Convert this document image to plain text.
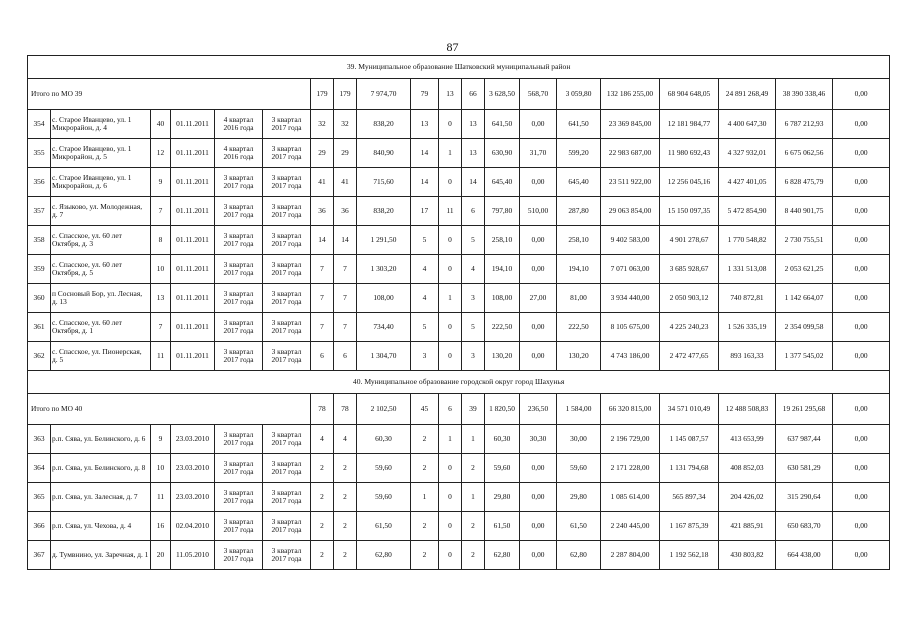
87
39. Муниципальное образование Шатковский муниципальный район																			
Итого по МО 39						179	179	7 974,70	79	13	66	3 628,50	568,70	3 059,80	132 186 255,00	68 904 648,05	24 891 268,49	38 390 338,46	0,00
354	с. Старое Иванцево, ул. 1 Микрорайон, д. 4	40	01.11.2011	4 квартал 2016 года	3 квартал 2017 года	32	32	838,20	13	0	13	641,50	0,00	641,50	23 369 845,00	12 181 984,77	4 400 647,30	6 787 212,93	0,00
355	с. Старое Иванцево, ул. 1 Микрорайон, д. 5	12	01.11.2011	4 квартал 2016 года	3 квартал 2017 года	29	29	840,90	14	1	13	630,90	31,70	599,20	22 983 687,00	11 980 692,43	4 327 932,01	6 675 062,56	0,00
356	с. Старое Иванцево, ул. 1 Микрорайон, д. 6	9	01.11.2011	3 квартал 2017 года	3 квартал 2017 года	41	41	715,60	14	0	14	645,40	0,00	645,40	23 511 922,00	12 256 045,16	4 427 401,05	6 828 475,79	0,00
357	с. Языково, ул. Молодежная, д. 7	7	01.11.2011	3 квартал 2017 года	3 квартал 2017 года	36	36	838,20	17	11	6	797,80	510,00	287,80	29 063 854,00	15 150 097,35	5 472 854,90	8 440 901,75	0,00
358	с. Спасское, ул. 60 лет Октября, д. 3	8	01.11.2011	3 квартал 2017 года	3 квартал 2017 года	14	14	1 291,50	5	0	5	258,10	0,00	258,10	9 402 583,00	4 901 278,67	1 770 548,82	2 730 755,51	0,00
359	с. Спасское, ул. 60 лет Октября, д. 5	10	01.11.2011	3 квартал 2017 года	3 квартал 2017 года	7	7	1 303,20	4	0	4	194,10	0,00	194,10	7 071 063,00	3 685 928,67	1 331 513,08	2 053 621,25	0,00
360	п Сосновый Бор, ул. Лесная, д. 13	13	01.11.2011	3 квартал 2017 года	3 квартал 2017 года	7	7	108,00	4	1	3	108,00	27,00	81,00	3 934 440,00	2 050 903,12	740 872,81	1 142 664,07	0,00
361	с. Спасское, ул. 60 лет Октября, д. 1	7	01.11.2011	3 квартал 2017 года	3 квартал 2017 года	7	7	734,40	5	0	5	222,50	0,00	222,50	8 105 675,00	4 225 240,23	1 526 335,19	2 354 099,58	0,00
362	с. Спасское, ул. Пионерская, д. 5	11	01.11.2011	3 квартал 2017 года	3 квартал 2017 года	6	6	1 304,70	3	0	3	130,20	0,00	130,20	4 743 186,00	2 472 477,65	893 163,33	1 377 545,02	0,00
40. Муниципальное образование городской округ город Шахунья																			
Итого по МО 40						78	78	2 102,50	45	6	39	1 820,50	236,50	1 584,00	66 320 815,00	34 571 010,49	12 488 508,83	19 261 295,68	0,00
363	р.п. Сява, ул. Белинского, д. 6	9	23.03.2010	3 квартал 2017 года	3 квартал 2017 года	4	4	60,30	2	1	1	60,30	30,30	30,00	2 196 729,00	1 145 087,57	413 653,99	637 987,44	0,00
364	р.п. Сява, ул. Белинского, д. 8	10	23.03.2010	3 квартал 2017 года	3 квартал 2017 года	2	2	59,60	2	0	2	59,60	0,00	59,60	2 171 228,00	1 131 794,68	408 852,03	630 581,29	0,00
365	р.п. Сява, ул. Залесная, д. 7	11	23.03.2010	3 квартал 2017 года	3 квартал 2017 года	2	2	59,60	1	0	1	29,80	0,00	29,80	1 085 614,00	565 897,34	204 426,02	315 290,64	0,00
366	р.п. Сява, ул. Чехова, д. 4	16	02.04.2010	3 квартал 2017 года	3 квартал 2017 года	2	2	61,50	2	0	2	61,50	0,00	61,50	2 240 445,00	1 167 875,39	421 885,91	650 683,70	0,00
367	д. Тумвнино, ул. Заречная, д. 1	20	11.05.2010	3 квартал 2017 года	3 квартал 2017 года	2	2	62,80	2	0	2	62,80	0,00	62,80	2 287 804,00	1 192 562,18	430 803,82	664 438,00	0,00
